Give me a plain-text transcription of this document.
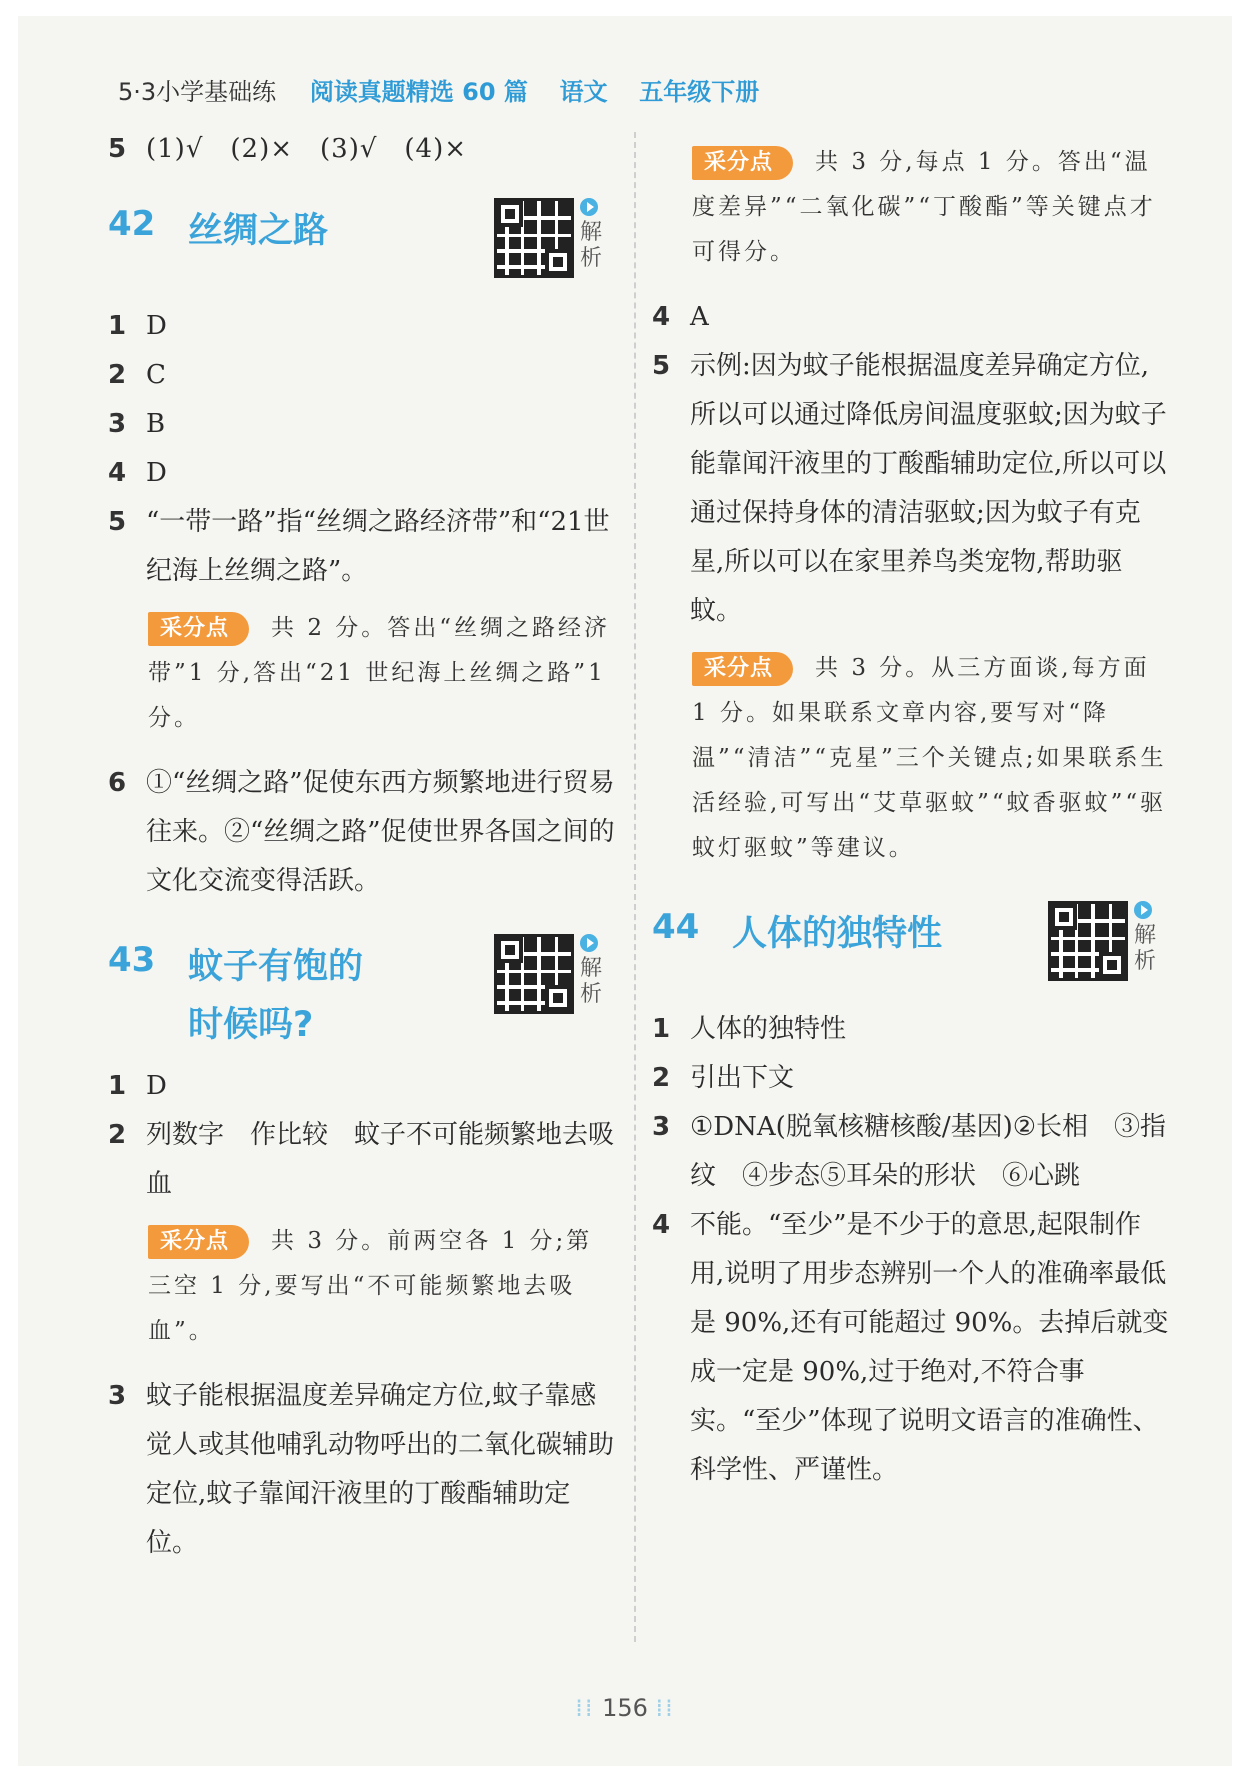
5·3小学基础练 阅读真题精选 60 篇 语文 五年级下册
5 (1)√　(2)×　(3)√　(4)×
42 丝绸之路	解析
1 D
2 C
3 B
4 D
5 “一带一路”指“丝绸之路经济带”和“21世纪海上丝绸之路”。
采分点 共 2 分。答出“丝绸之路经济带”1 分,答出“21 世纪海上丝绸之路”1 分。
6 ①“丝绸之路”促使东西方频繁地进行贸易往来。②“丝绸之路”促使世界各国之间的文化交流变得活跃。
43 蚊子有饱的
时候吗?
解析
1 D
2 列数字　作比较　蚊子不可能频繁地去吸血
采分点 共 3 分。前两空各 1 分;第三空 1 分,要写出“不可能频繁地去吸血”。
3 蚊子能根据温度差异确定方位,蚊子靠感觉人或其他哺乳动物呼出的二氧化碳辅助定位,蚊子靠闻汗液里的丁酸酯辅助定位。
采分点 共 3 分,每点 1 分。答出“温度差异”“二氧化碳”“丁酸酯”等关键点才可得分。
4 A
5 示例:因为蚊子能根据温度差异确定方位,所以可以通过降低房间温度驱蚊;因为蚊子能靠闻汗液里的丁酸酯辅助定位,所以可以通过保持身体的清洁驱蚊;因为蚊子有克星,所以可以在家里养鸟类宠物,帮助驱蚊。
采分点 共 3 分。从三方面谈,每方面 1 分。如果联系文章内容,要写对“降温”“清洁”“克星”三个关键点;如果联系生活经验,可写出“艾草驱蚊”“蚊香驱蚊”“驱蚊灯驱蚊”等建议。
44 人体的独特性	解析
1 人体的独特性
2 引出下文
3 ①DNA(脱氧核糖核酸/基因)②长相　③指纹　④步态⑤耳朵的形状　⑥心跳
4 不能。“至少”是不少于的意思,起限制作用,说明了用步态辨别一个人的准确率最低是 90%,还有可能超过 90%。去掉后就变成一定是 90%,过于绝对,不符合事实。“至少”体现了说明文语言的准确性、科学性、严谨性。
⁞⁞ 156 ⁞⁞
